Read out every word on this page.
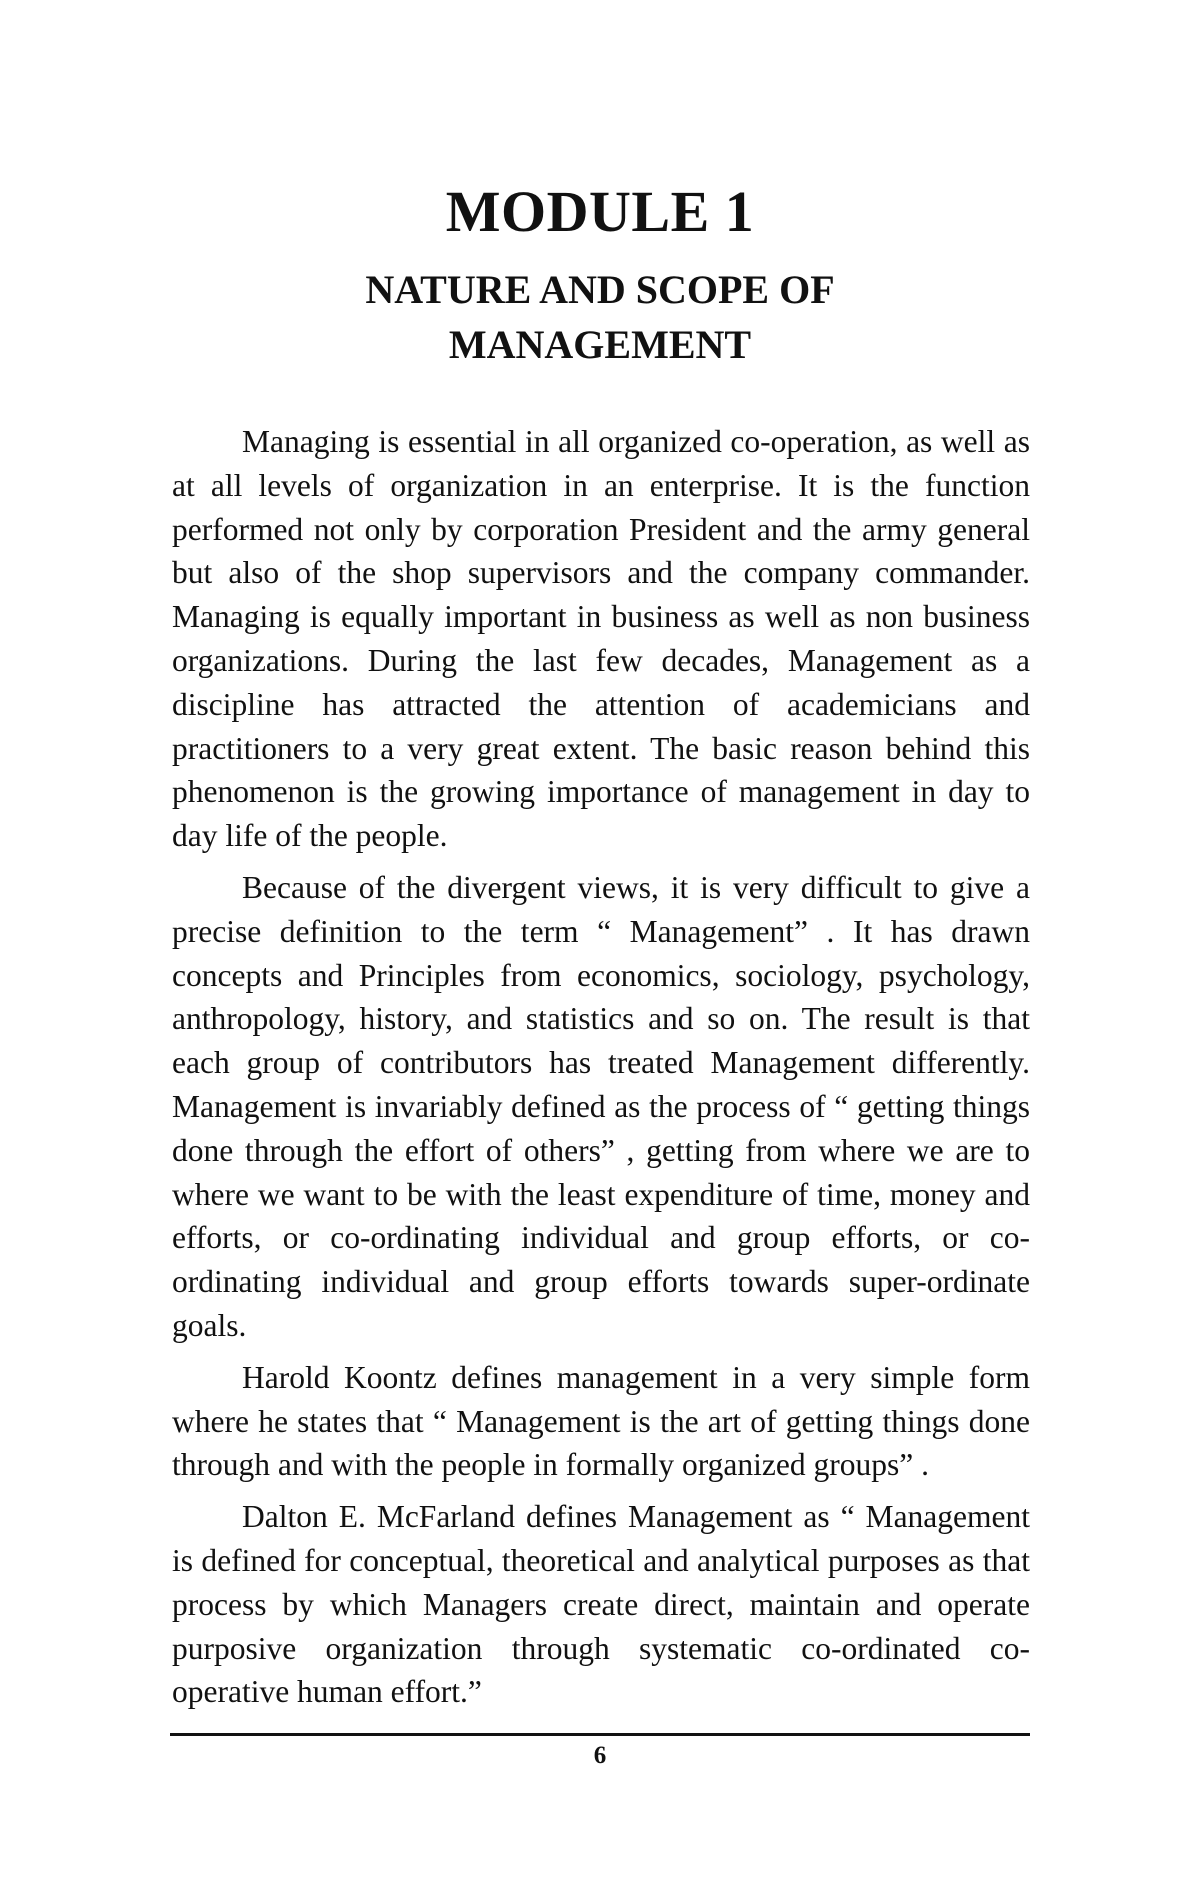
MODULE 1
NATURE AND SCOPE OF
MANAGEMENT

Managing is essential in all organized co-operation, as well as at all levels of organization in an enterprise. It is the function performed not only by corporation President and the army general but also of the shop supervisors and the company commander. Managing is equally important in business as well as non business organizations. During the last few decades, Management as a discipline has attracted the attention of academicians and practitioners to a very great extent. The basic reason behind this phenomenon is the growing importance of management in day to day life of the people.

Because of the divergent views, it is very difficult to give a precise definition to the term “ Management” . It has drawn concepts and Principles from economics, sociology, psychology, anthropology, history, and statistics and so on. The result is that each group of contributors has treated Management differently. Management is invariably defined as the process of “ getting things done through the effort of others” , getting from where we are to where we want to be with the least expenditure of time, money and efforts, or co-ordinating individual and group efforts, or co-ordinating individual and group efforts towards super-ordinate goals.

Harold Koontz defines management in a very simple form where he states that “ Management is the art of getting things done through and with the people in formally organized groups” .

Dalton E. McFarland defines Management as “ Management is defined for conceptual, theoretical and analytical purposes as that process by which Managers create direct, maintain and operate purposive organization through systematic co-ordinated co-operative human effort.”

6
